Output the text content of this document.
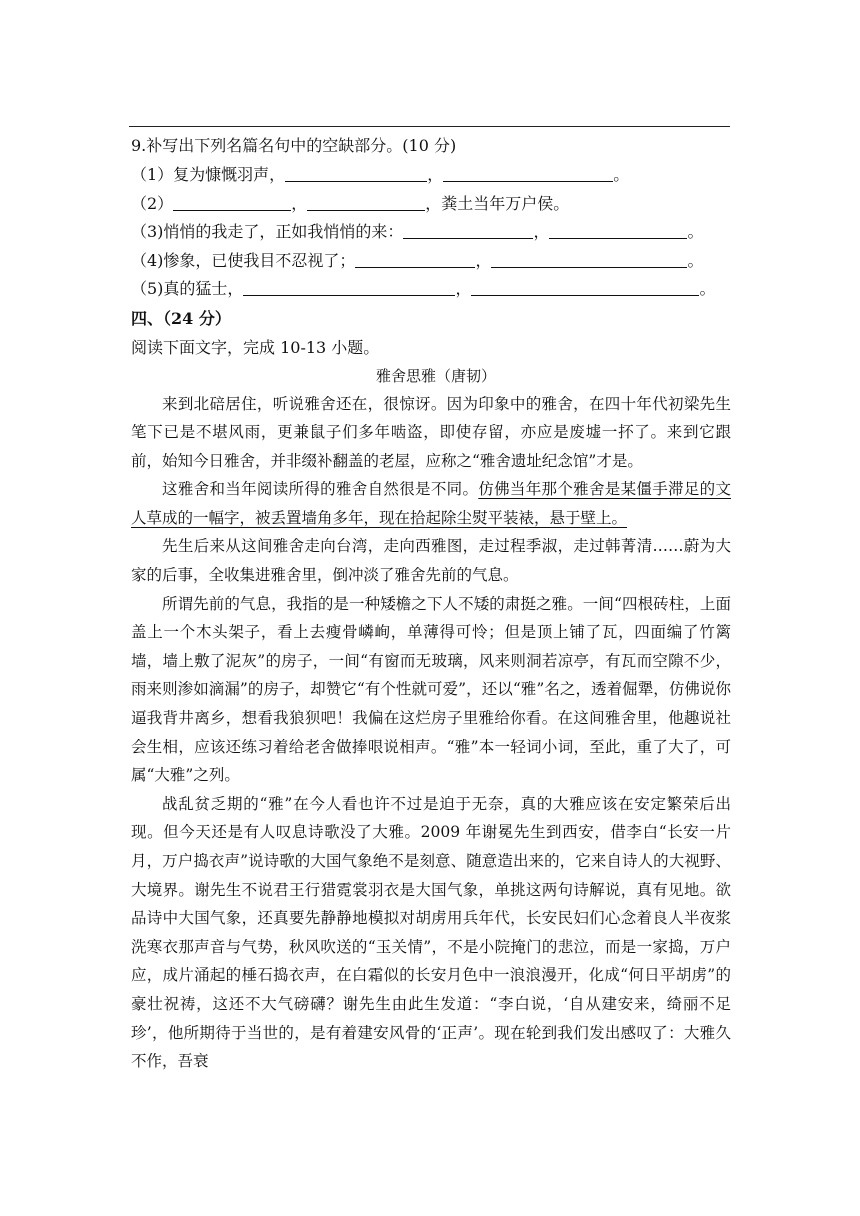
9.补写出下列名篇名句中的空缺部分。(10 分)
（1）复为慷慨羽声，	，	。
（2）	，	，粪土当年万户侯。
（3)悄悄的我走了，正如我悄悄的来：	，	。
（4)惨象，已使我目不忍视了；	，	。
（5)真的猛士，	，	。
四、（24 分）
阅读下面文字，完成 10-13 小题。
雅舍思雅（唐韧）

来到北碚居住，听说雅舍还在，很惊讶。因为印象中的雅舍，在四十年代初梁先生笔下已是不堪风雨，更兼鼠子们多年啮盗，即使存留，亦应是废墟一抔了。来到它跟前，始知今日雅舍，并非缀补翻盖的老屋，应称之“雅舍遗址纪念馆”才是。

这雅舍和当年阅读所得的雅舍自然很是不同。仿佛当年那个雅舍是某僵手滞足的文人草成的一幅字，被丢置墙角多年，现在拾起除尘熨平装裱，悬于壁上。

先生后来从这间雅舍走向台湾，走向西雅图，走过程季淑，走过韩菁清……蔚为大家的后事，全收集进雅舍里，倒冲淡了雅舍先前的气息。

所谓先前的气息，我指的是一种矮檐之下人不矮的肃挺之雅。一间“四根砖柱，上面盖上一个木头架子，看上去瘦骨嶙峋，单薄得可怜；但是顶上铺了瓦，四面编了竹篱墙，墙上敷了泥灰”的房子，一间“有窗而无玻璃，风来则洞若凉亭，有瓦而空隙不少，雨来则渗如滴漏”的房子，却赞它“有个性就可爱”，还以“雅”名之，透着倔犟，仿佛说你逼我背井离乡，想看我狼狈吧！我偏在这烂房子里雅给你看。在这间雅舍里，他趣说社会生相，应该还练习着给老舍做捧哏说相声。“雅”本一轻词小词，至此，重了大了，可属“大雅”之列。

战乱贫乏期的“雅”在今人看也许不过是迫于无奈，真的大雅应该在安定繁荣后出现。但今天还是有人叹息诗歌没了大雅。2009 年谢冕先生到西安，借李白“长安一片月，万户捣衣声”说诗歌的大国气象绝不是刻意、随意造出来的，它来自诗人的大视野、大境界。谢先生不说君王行猎霓裳羽衣是大国气象，单挑这两句诗解说，真有见地。欲品诗中大国气象，还真要先静静地模拟对胡虏用兵年代，长安民妇们心念着良人半夜浆洗寒衣那声音与气势，秋风吹送的“玉关情”，不是小院掩门的悲泣，而是一家捣，万户应，成片涌起的棰石捣衣声，在白霜似的长安月色中一浪浪漫开，化成“何日平胡虏”的豪壮祝祷，这还不大气磅礴？谢先生由此生发道：“李白说，‘自从建安来，绮丽不足珍’，他所期待于当世的，是有着建安风骨的‘正声’。现在轮到我们发出感叹了：大雅久不作，吾衰
